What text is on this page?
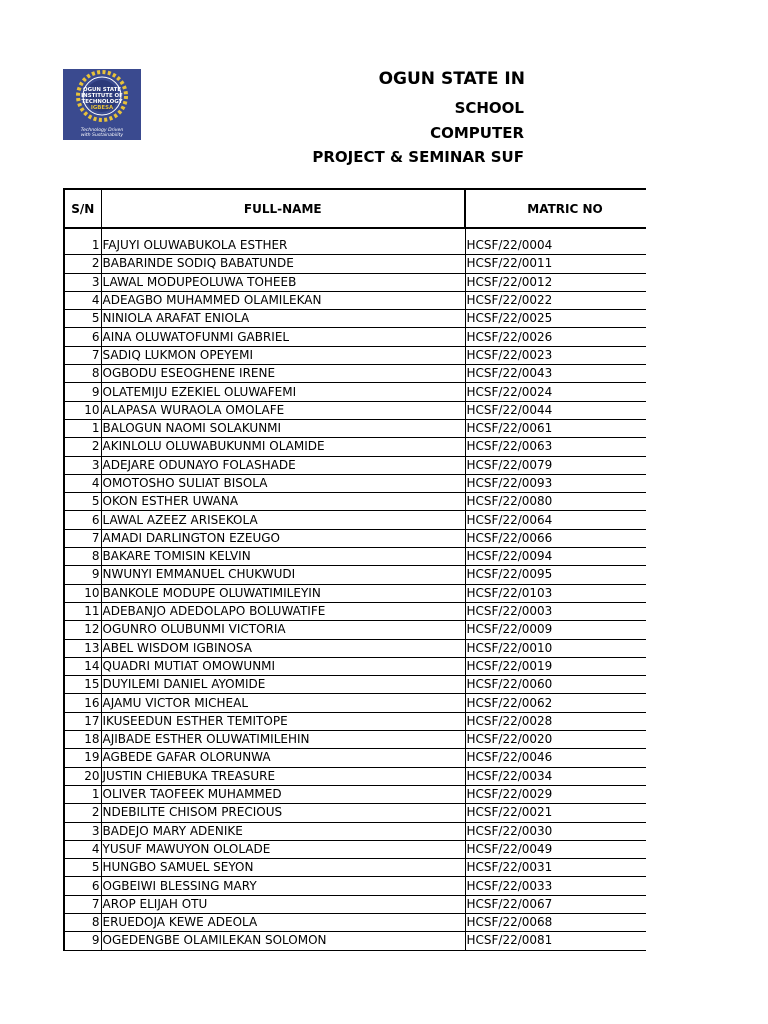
OGUN STATE
INSTITUTE OF
TECHNOLOGY
IGBESA
Technology Driven
with Sustainability
OGUN STATE IN
SCHOOL
COMPUTER
PROJECT & SEMINAR SUF
S/N	FULL-NAME	MATRIC NO

1	FAJUYI OLUWABUKOLA ESTHER	HCSF/22/0004
2	BABARINDE SODIQ BABATUNDE	HCSF/22/0011
3	LAWAL MODUPEOLUWA TOHEEB	HCSF/22/0012
4	ADEAGBO MUHAMMED OLAMILEKAN	HCSF/22/0022
5	NINIOLA ARAFAT ENIOLA	HCSF/22/0025
6	AINA OLUWATOFUNMI GABRIEL	HCSF/22/0026
7	SADIQ LUKMON OPEYEMI	HCSF/22/0023
8	OGBODU ESEOGHENE IRENE	HCSF/22/0043
9	OLATEMIJU EZEKIEL OLUWAFEMI	HCSF/22/0024
10	ALAPASA WURAOLA OMOLAFE	HCSF/22/0044
1	BALOGUN NAOMI SOLAKUNMI	HCSF/22/0061
2	AKINLOLU OLUWABUKUNMI OLAMIDE	HCSF/22/0063
3	ADEJARE ODUNAYO FOLASHADE	HCSF/22/0079
4	OMOTOSHO SULIAT BISOLA	HCSF/22/0093
5	OKON ESTHER UWANA	HCSF/22/0080
6	LAWAL AZEEZ ARISEKOLA	HCSF/22/0064
7	AMADI DARLINGTON EZEUGO	HCSF/22/0066
8	BAKARE TOMISIN KELVIN	HCSF/22/0094
9	NWUNYI EMMANUEL CHUKWUDI	HCSF/22/0095
10	BANKOLE MODUPE OLUWATIMILEYIN	HCSF/22/0103
11	ADEBANJO ADEDOLAPO BOLUWATIFE	HCSF/22/0003
12	OGUNRO OLUBUNMI VICTORIA	HCSF/22/0009
13	ABEL WISDOM IGBINOSA	HCSF/22/0010
14	QUADRI MUTIAT OMOWUNMI	HCSF/22/0019
15	DUYILEMI DANIEL AYOMIDE	HCSF/22/0060
16	AJAMU VICTOR MICHEAL	HCSF/22/0062
17	IKUSEEDUN ESTHER TEMITOPE	HCSF/22/0028
18	AJIBADE ESTHER OLUWATIMILEHIN	HCSF/22/0020
19	AGBEDE GAFAR OLORUNWA	HCSF/22/0046
20	JUSTIN CHIEBUKA TREASURE	HCSF/22/0034
1	OLIVER TAOFEEK MUHAMMED	HCSF/22/0029
2	NDEBILITE CHISOM PRECIOUS	HCSF/22/0021
3	BADEJO MARY ADENIKE	HCSF/22/0030
4	YUSUF MAWUYON OLOLADE	HCSF/22/0049
5	HUNGBO SAMUEL SEYON	HCSF/22/0031
6	OGBEIWI BLESSING MARY	HCSF/22/0033
7	AROP ELIJAH OTU	HCSF/22/0067
8	ERUEDOJA KEWE ADEOLA	HCSF/22/0068
9	OGEDENGBE OLAMILEKAN SOLOMON	HCSF/22/0081
